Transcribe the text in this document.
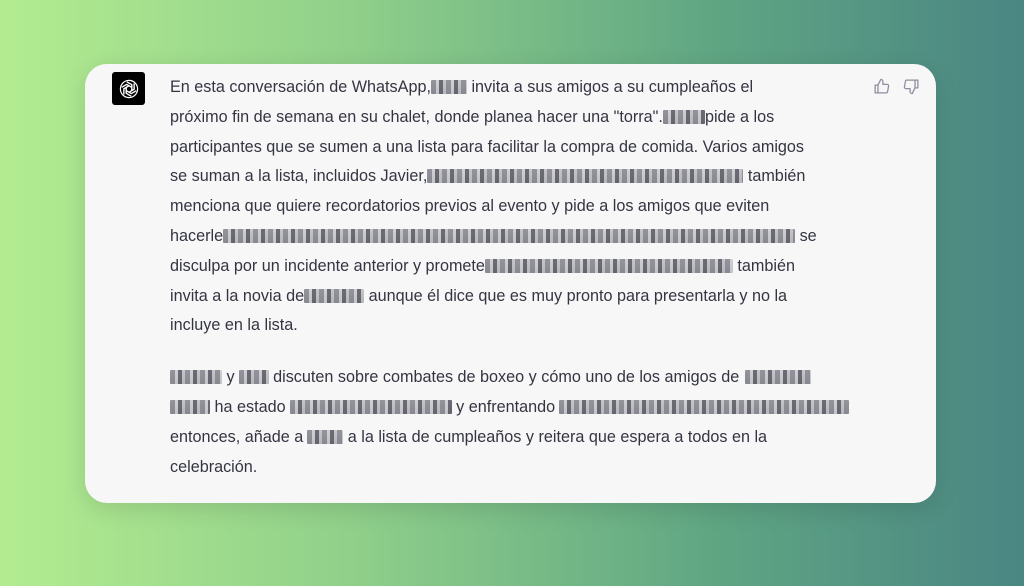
En esta conversación de WhatsApp, invita a sus amigos a su cumpleaños el
próximo fin de semana en su chalet, donde planea hacer una "torra".	pide a los
participantes que se sumen a una lista para facilitar la compra de comida. Varios amigos
se suman a la lista, incluidos Javier,	también
menciona que quiere recordatorios previos al evento y pide a los amigos que eviten
hacerle	se
disculpa por un incidente anterior y promete	también
invita a la novia de	aunque él dice que es muy pronto para presentarla y no la
incluye en la lista.

y discuten sobre combates de boxeo y cómo uno de los amigos de
ha estado	y enfrentando
entonces, añade a a la lista de cumpleaños y reitera que espera a todos en la
celebración.
